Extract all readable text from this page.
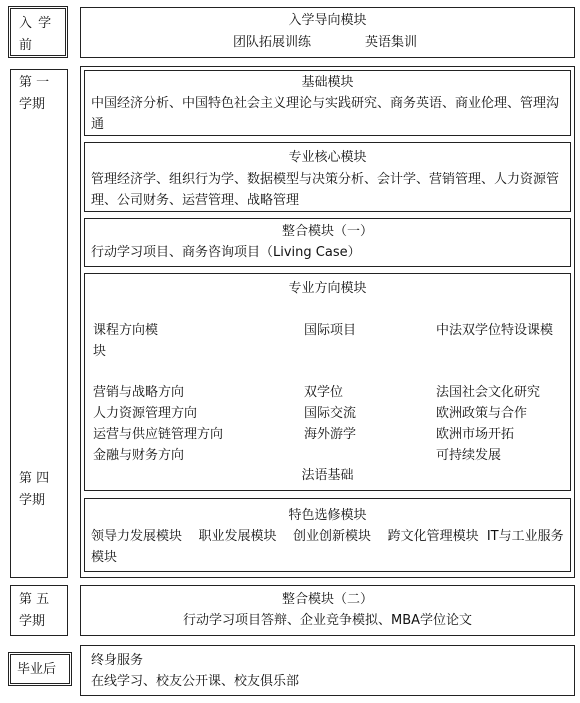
入 学
前
第 一
学期
第 四
学期
第 五
学期
毕业后
入学导向模块
团队拓展训练	英语集训
基础模块
中国经济分析、中国特色社会主义理论与实践研究、商务英语、商业伦理、管理沟通
专业核心模块
管理经济学、组织行为学、数据模型与决策分析、会计学、营销管理、人力资源管理、公司财务、运营管理、战略管理
整合模块（一）
行动学习项目、商务咨询项目（Living Case）
专业方向模块
课程方向模块
国际项目	中法双学位特设课模
营销与战略方向
人力资源管理方向
运营与供应链管理方向
金融与财务方向
双学位
国际交流
海外游学
法国社会文化研究
欧洲政策与合作
欧洲市场开拓
可持续发展
法语基础
特色选修模块
领导力发展模块    职业发展模块    创业创新模块    跨文化管理模块  IT与工业服务模块
整合模块（二）
行动学习项目答辩、企业竞争模拟、MBA学位论文
终身服务
在线学习、校友公开课、校友俱乐部
